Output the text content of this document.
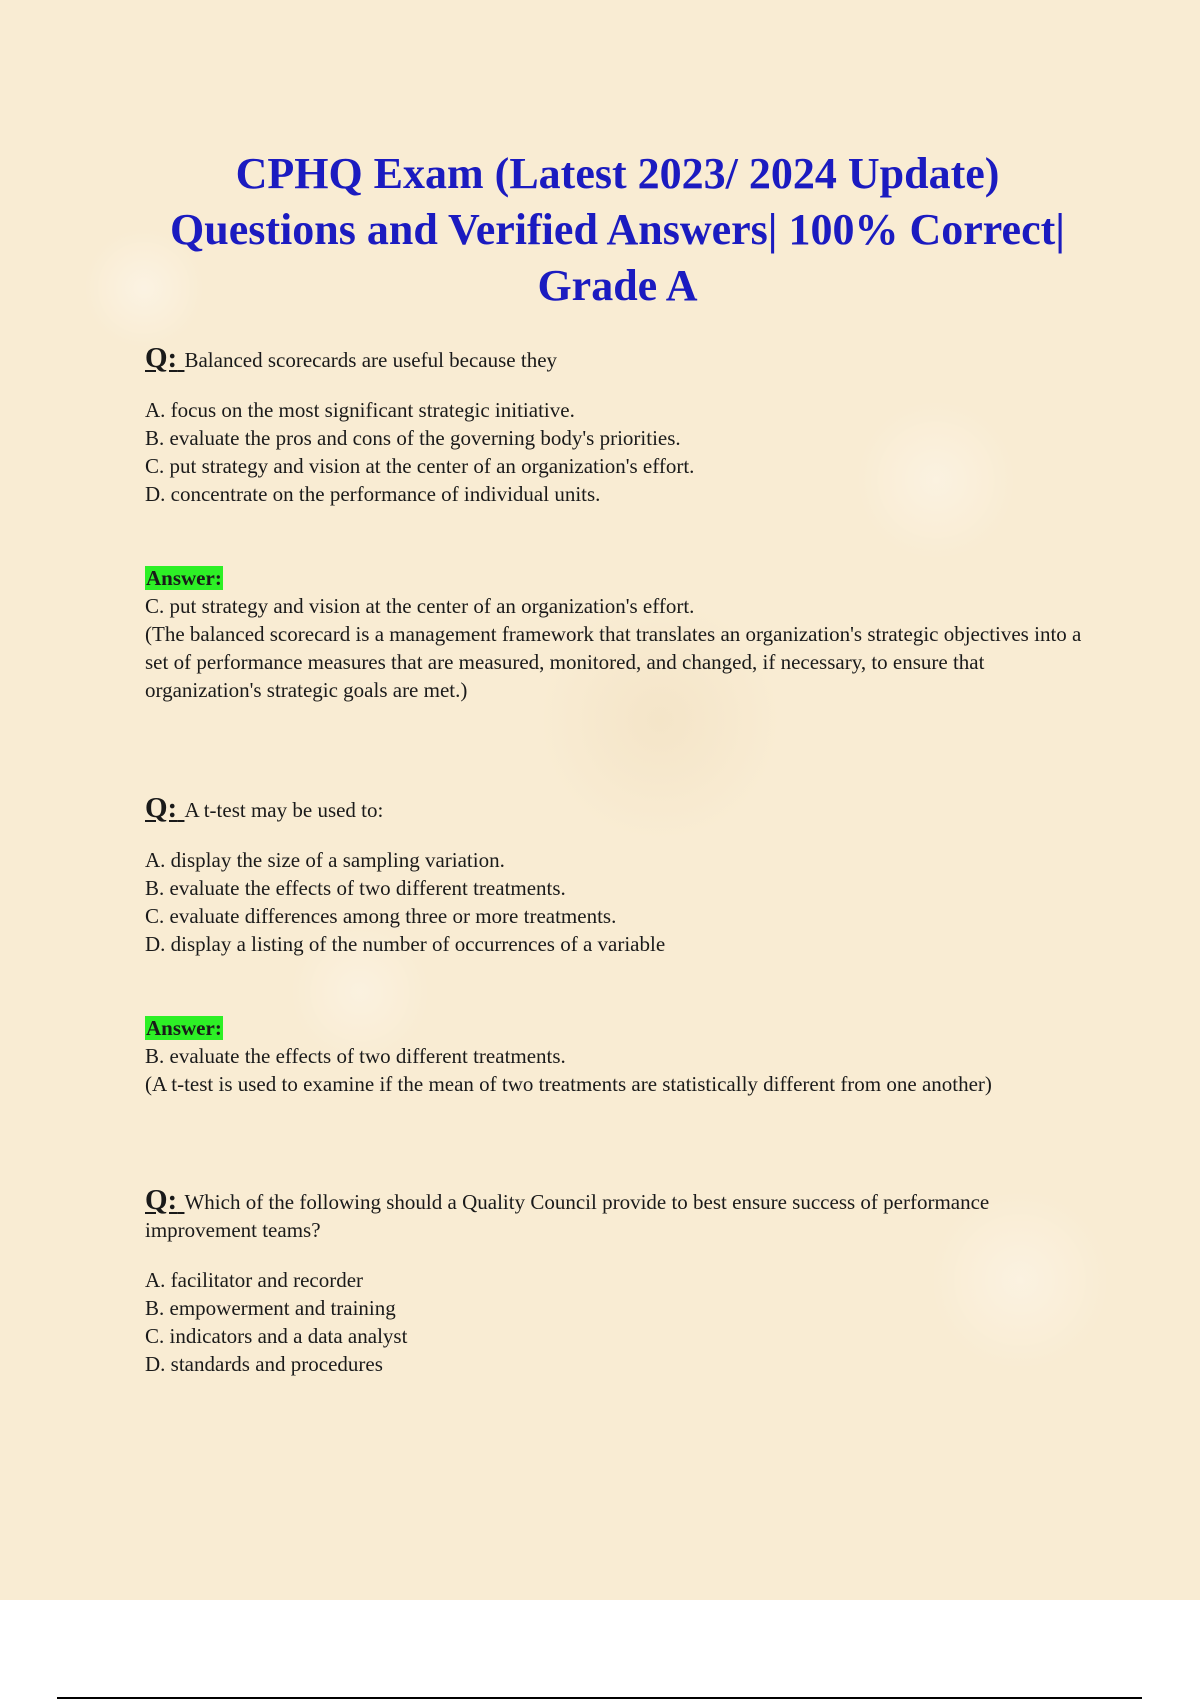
CPHQ Exam (Latest 2023/ 2024 Update) Questions and Verified Answers| 100% Correct| Grade A

Q: Balanced scorecards are useful because they

A. focus on the most significant strategic initiative.
B. evaluate the pros and cons of the governing body's priorities.
C. put strategy and vision at the center of an organization's effort.
D. concentrate on the performance of individual units.
Answer:

C. put strategy and vision at the center of an organization's effort.

(The balanced scorecard is a management framework that translates an organization's strategic objectives into a set of performance measures that are measured, monitored, and changed, if necessary, to ensure that organization's strategic goals are met.)

Q: A t-test may be used to:

A. display the size of a sampling variation.
B. evaluate the effects of two different treatments.
C. evaluate differences among three or more treatments.
D. display a listing of the number of occurrences of a variable
Answer:

B. evaluate the effects of two different treatments.

(A t-test is used to examine if the mean of two treatments are statistically different from one another)

Q: Which of the following should a Quality Council provide to best ensure success of performance improvement teams?

A. facilitator and recorder
B. empowerment and training
C. indicators and a data analyst
D. standards and procedures
